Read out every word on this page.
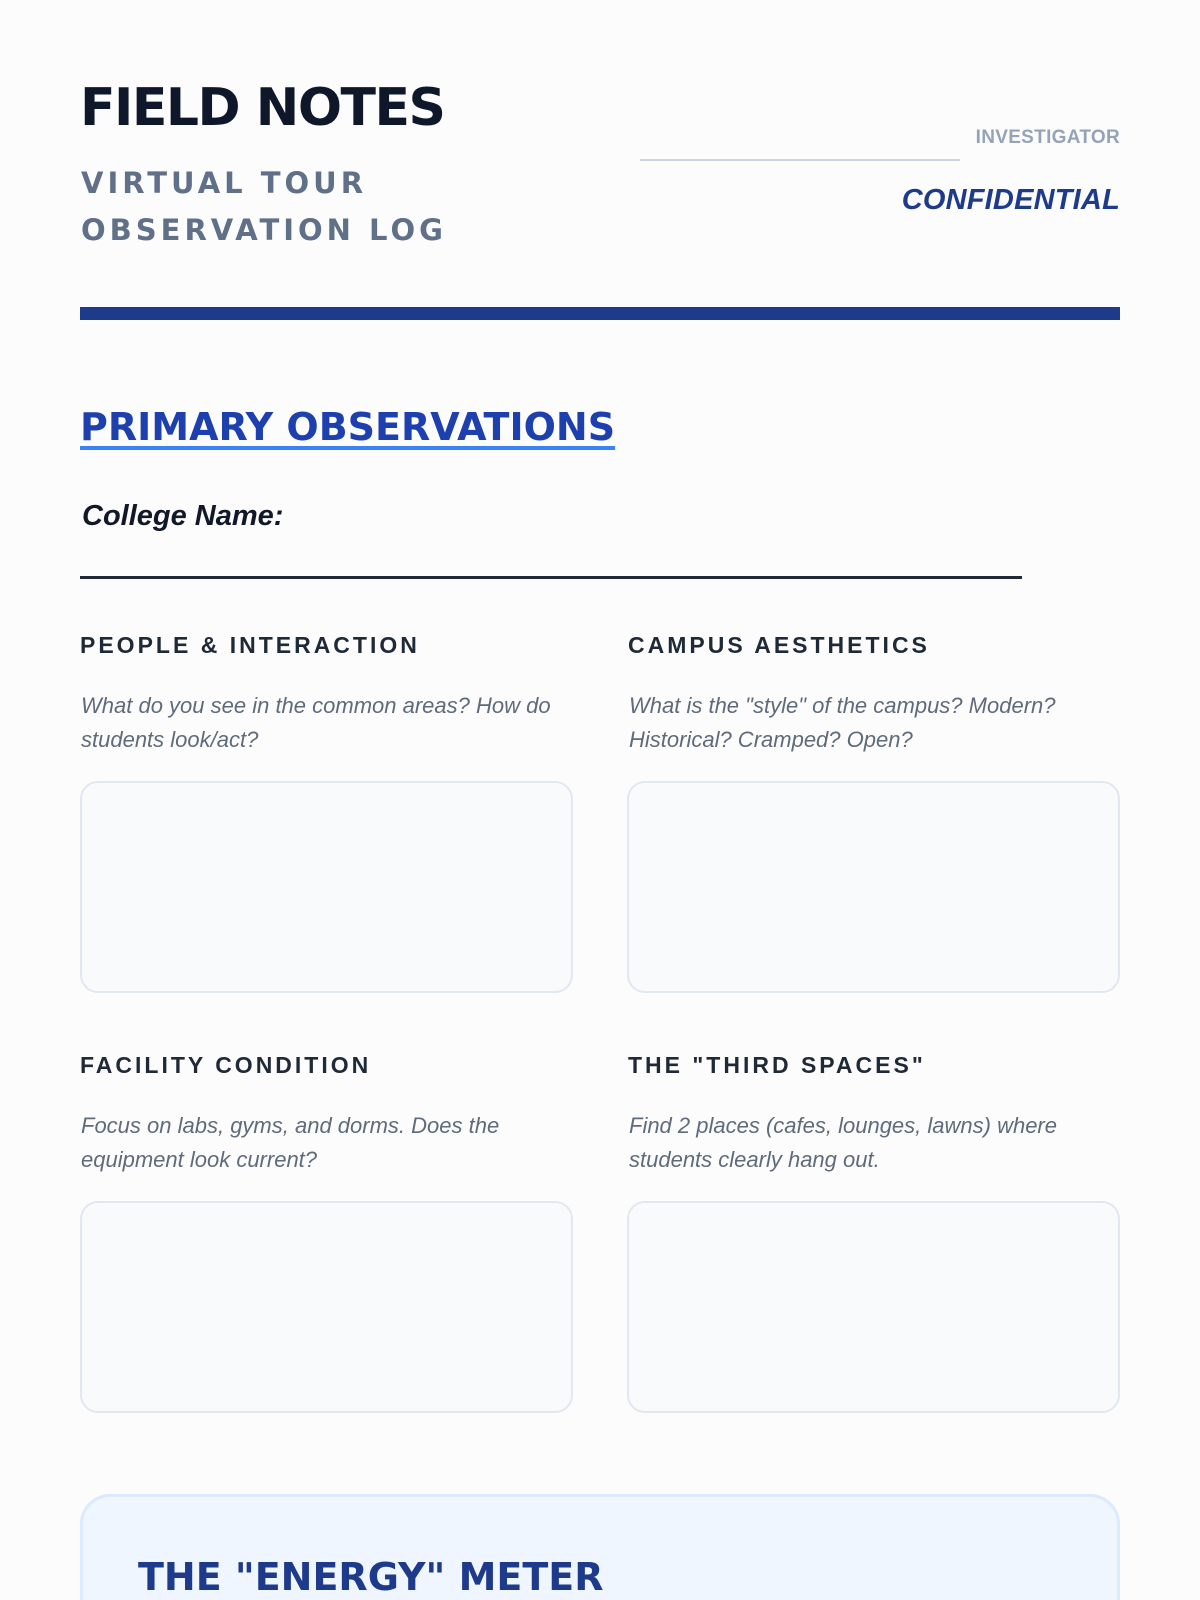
FIELD NOTES
VIRTUAL TOUR
OBSERVATION LOG
INVESTIGATOR
CONFIDENTIAL
PRIMARY OBSERVATIONS
College Name:
PEOPLE & INTERACTION
What do you see in the common areas? How do students look/act?
CAMPUS AESTHETICS
What is the "style" of the campus? Modern? Historical? Cramped? Open?
FACILITY CONDITION
Focus on labs, gyms, and dorms. Does the equipment look current?
THE "THIRD SPACES"
Find 2 places (cafes, lounges, lawns) where students clearly hang out.
THE "ENERGY" METER
